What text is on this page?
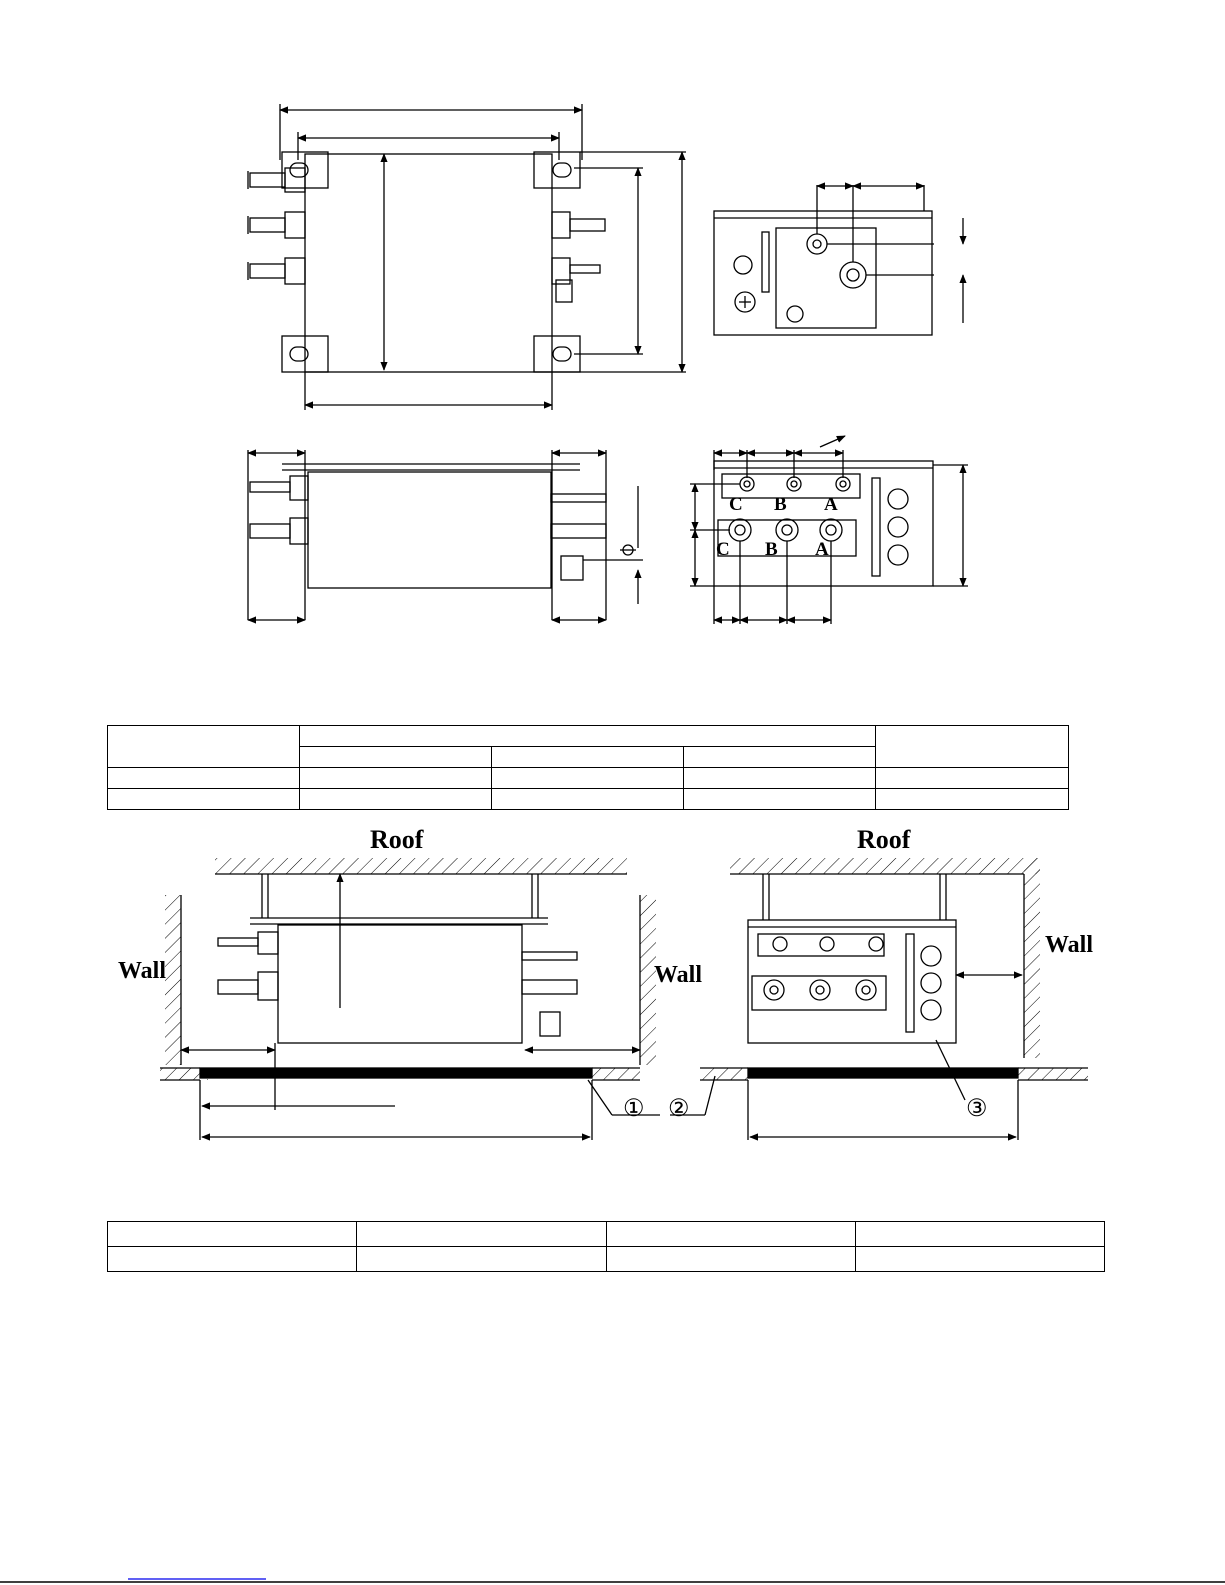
C B A
C B A
Roof	Roof
Wall	Wall
Wall
① ②	③
